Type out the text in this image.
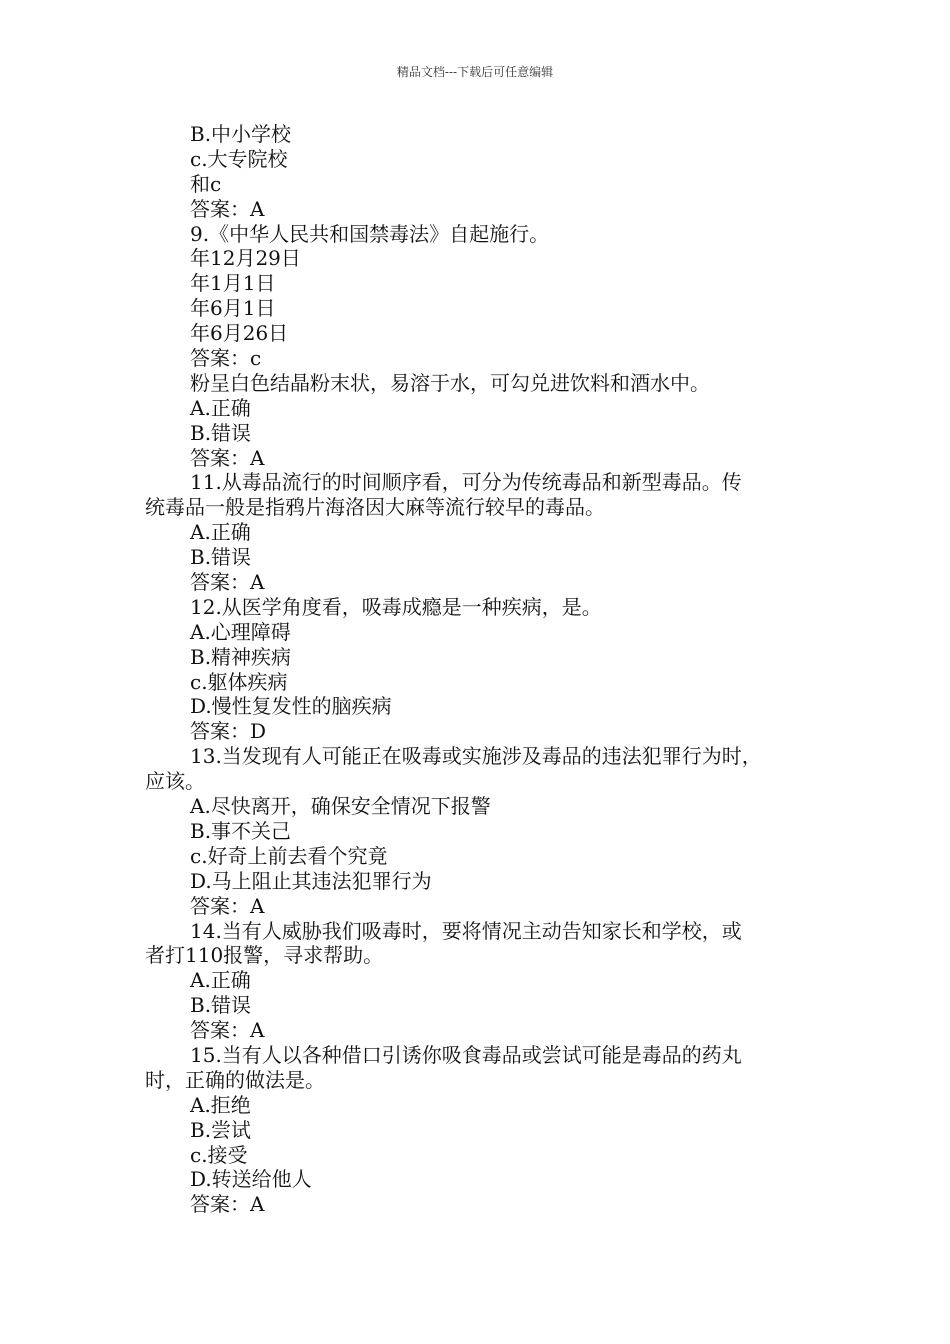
精品文档---下载后可任意编辑
B.中小学校
c.大专院校
和c
答案：A
9.《中华人民共和国禁毒法》自起施行。
年12月29日
年1月1日
年6月1日
年6月26日
答案：c
粉呈白色结晶粉末状，易溶于水，可勾兑进饮料和酒水中。
A.正确
B.错误
答案：A
11.从毒品流行的时间顺序看，可分为传统毒品和新型毒品。传
统毒品一般是指鸦片海洛因大麻等流行较早的毒品。
A.正确
B.错误
答案：A
12.从医学角度看，吸毒成瘾是一种疾病，是。
A.心理障碍
B.精神疾病
c.躯体疾病
D.慢性复发性的脑疾病
答案：D
13.当发现有人可能正在吸毒或实施涉及毒品的违法犯罪行为时，
应该。
A.尽快离开，确保安全情况下报警
B.事不关己
c.好奇上前去看个究竟
D.马上阻止其违法犯罪行为
答案：A
14.当有人威胁我们吸毒时，要将情况主动告知家长和学校，或
者打110报警，寻求帮助。
A.正确
B.错误
答案：A
15.当有人以各种借口引诱你吸食毒品或尝试可能是毒品的药丸
时，正确的做法是。
A.拒绝
B.尝试
c.接受
D.转送给他人
答案：A
